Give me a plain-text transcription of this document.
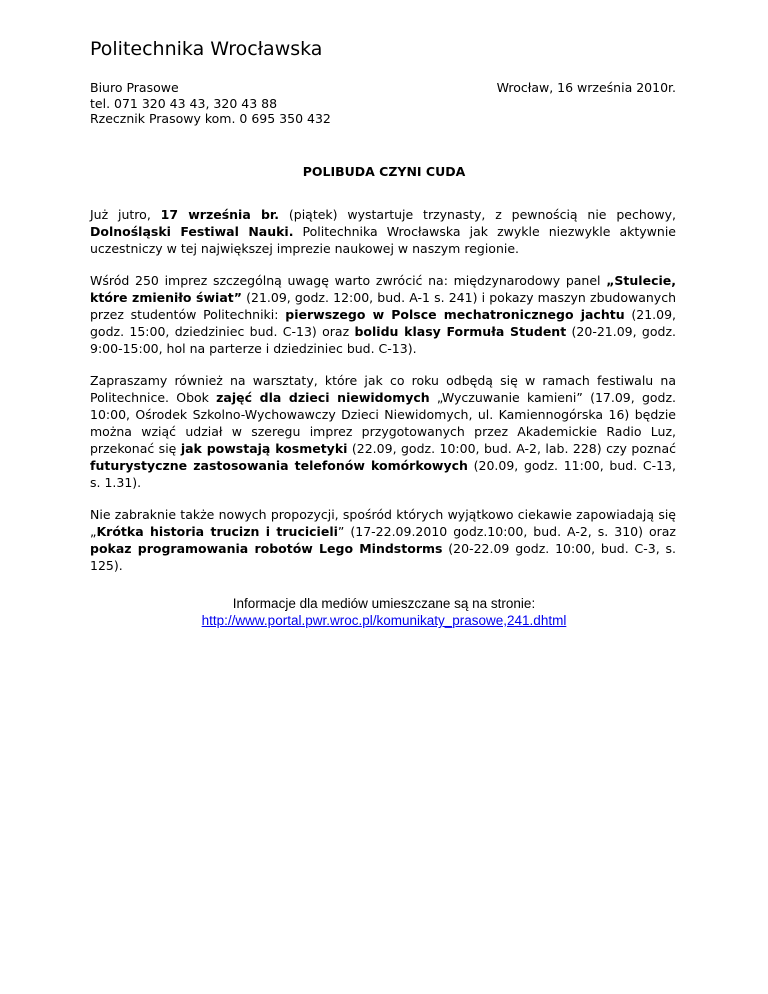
Politechnika Wrocławska
Biuro Prasowe
tel. 071 320 43 43, 320 43 88
Rzecznik Prasowy kom. 0 695 350 432
Wrocław, 16 września 2010r.
POLIBUDA CZYNI CUDA

Już jutro, 17 września br. (piątek) wystartuje trzynasty, z pewnością nie pechowy, Dolnośląski Festiwal Nauki. Politechnika Wrocławska jak zwykle niezwykle aktywnie uczestniczy w tej największej imprezie naukowej w naszym regionie.

Wśród 250 imprez szczególną uwagę warto zwrócić na: międzynarodowy panel „Stulecie, które zmieniło świat” (21.09, godz. 12:00, bud. A-1 s. 241) i pokazy maszyn zbudowanych przez studentów Politechniki: pierwszego w Polsce mechatronicznego jachtu (21.09, godz. 15:00, dziedziniec bud. C-13) oraz bolidu klasy Formuła Student (20-21.09, godz. 9:00-15:00, hol na parterze i dziedziniec bud. C-13).

Zapraszamy również na warsztaty, które jak co roku odbędą się w ramach festiwalu na Politechnice. Obok zajęć dla dzieci niewidomych „Wyczuwanie kamieni” (17.09, godz. 10:00, Ośrodek Szkolno-Wychowawczy Dzieci Niewidomych, ul. Kamiennogórska 16) będzie można wziąć udział w szeregu imprez przygotowanych przez Akademickie Radio Luz, przekonać się jak powstają kosmetyki (22.09, godz. 10:00, bud. A-2, lab. 228) czy poznać futurystyczne zastosowania telefonów komórkowych (20.09, godz. 11:00, bud. C-13, s. 1.31).

Nie zabraknie także nowych propozycji, spośród których wyjątkowo ciekawie zapowiadają się „Krótka historia trucizn i trucicieli” (17-22.09.2010 godz.10:00, bud. A-2, s. 310) oraz pokaz programowania robotów Lego Mindstorms (20-22.09 godz. 10:00, bud. C-3, s. 125).

Informacje dla mediów umieszczane są na stronie:
http://www.portal.pwr.wroc.pl/komunikaty_prasowe,241.dhtml
